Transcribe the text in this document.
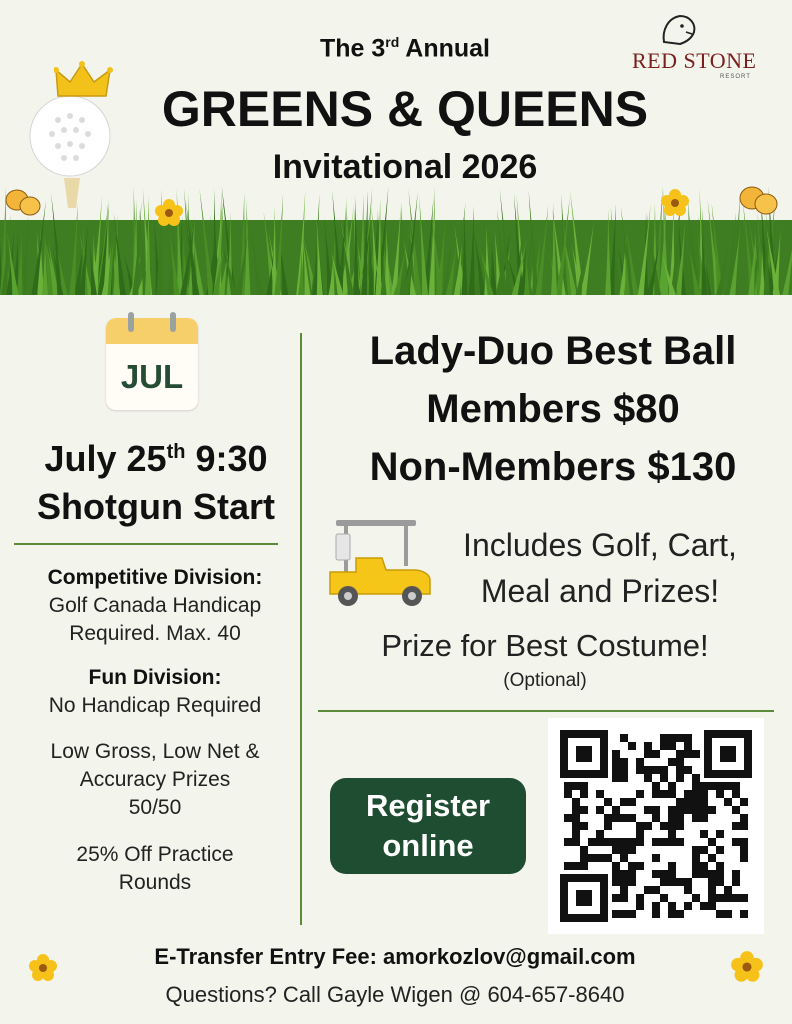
The 3rd Annual
GREENS & QUEENS
Invitational 2026
RED STONE
RESORT
JUL
July 25th 9:30
Shotgun Start
Competitive Division:
Golf Canada Handicap
Required. Max. 40
Fun Division:
No Handicap Required
Low Gross, Low Net &
Accuracy Prizes
50/50
25% Off Practice
Rounds
Lady-Duo Best Ball
Members $80
Non-Members $130
Includes Golf, Cart,
Meal and Prizes!
Prize for Best Costume!
(Optional)
Register
online
E-Transfer Entry Fee: amorkozlov@gmail.com
Questions? Call Gayle Wigen @ 604-657-8640
